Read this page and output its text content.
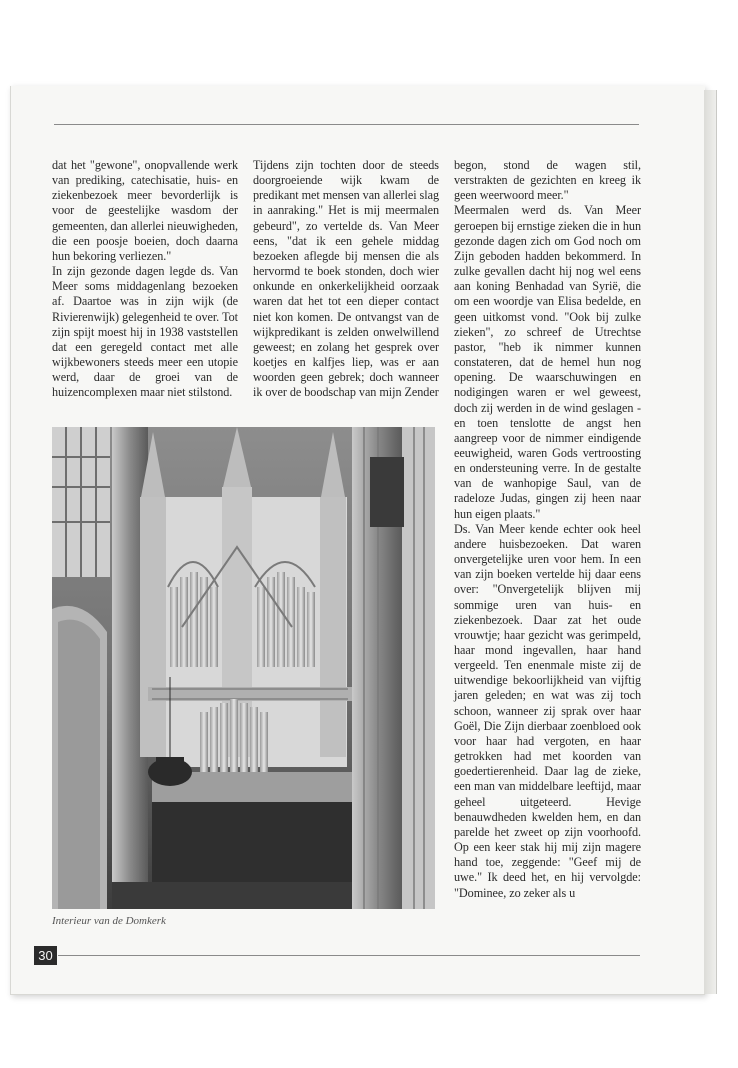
dat het "gewone", onopvallende werk van prediking, catechisatie, huis- en ziekenbezoek meer bevorderlijk is voor de geestelijke wasdom der gemeenten, dan allerlei nieuwigheden, die een poosje boeien, doch daarna hun bekoring verliezen."

In zijn gezonde dagen legde ds. Van Meer soms middagenlang bezoeken af. Daartoe was in zijn wijk (de Rivierenwijk) gelegenheid te over. Tot zijn spijt moest hij in 1938 vaststellen dat een geregeld contact met alle wijkbewoners steeds meer een utopie werd, daar de groei van de huizencomplexen maar niet stilstond.

Tijdens zijn tochten door de steeds doorgroeiende wijk kwam de predikant met mensen van allerlei slag in aanraking." Het is mij meermalen gebeurd", zo vertelde ds. Van Meer eens, "dat ik een gehele middag bezoeken aflegde bij mensen die als hervormd te boek stonden, doch wier onkunde en onkerkelijkheid oorzaak waren dat het tot een dieper contact niet kon komen. De ontvangst van de wijkpredikant is zelden onwelwillend geweest; en zolang het gesprek over koetjes en kalfjes liep, was er aan woorden geen gebrek; doch wanneer ik over de boodschap van mijn Zender

begon, stond de wagen stil, verstrakten de gezichten en kreeg ik geen weerwoord meer."

Meermalen werd ds. Van Meer geroepen bij ernstige zieken die in hun gezonde dagen zich om God noch om Zijn geboden hadden bekommerd. In zulke gevallen dacht hij nog wel eens aan koning Benhadad van Syrië, die om een woordje van Elisa bedelde, en geen uitkomst vond. "Ook bij zulke zieken", zo schreef de Utrechtse pastor, "heb ik nimmer kunnen constateren, dat de hemel hun nog opening. De waarschuwingen en nodigingen waren er wel geweest, doch zij werden in de wind geslagen - en toen tenslotte de angst hen aangreep voor de nimmer eindigende eeuwigheid, waren Gods vertroosting en ondersteuning verre. In de gestalte van de wanhopige Saul, van de radeloze Judas, gingen zij heen naar hun eigen plaats."

Ds. Van Meer kende echter ook heel andere huisbezoeken. Dat waren onvergetelijke uren voor hem. In een van zijn boeken vertelde hij daar eens over: "Onvergetelijk blijven mij sommige uren van huis- en ziekenbezoek. Daar zat het oude vrouwtje; haar gezicht was gerimpeld, haar mond ingevallen, haar hand vergeeld. Ten enenmale miste zij de uitwendige bekoorlijkheid van vijftig jaren geleden; en wat was zij toch schoon, wanneer zij sprak over haar Goël, Die Zijn dierbaar zoenbloed ook voor haar had vergoten, en haar getrokken had met koorden van goedertierenheid. Daar lag de zieke, een man van middelbare leeftijd, maar geheel uitgeteerd. Hevige benauwdheden kwelden hem, en dan parelde het zweet op zijn voorhoofd. Op een keer stak hij mij zijn magere hand toe, zeggende: "Geef mij de uwe." Ik deed het, en hij vervolgde: "Dominee, zo zeker als u

Interieur van de Domkerk
30
